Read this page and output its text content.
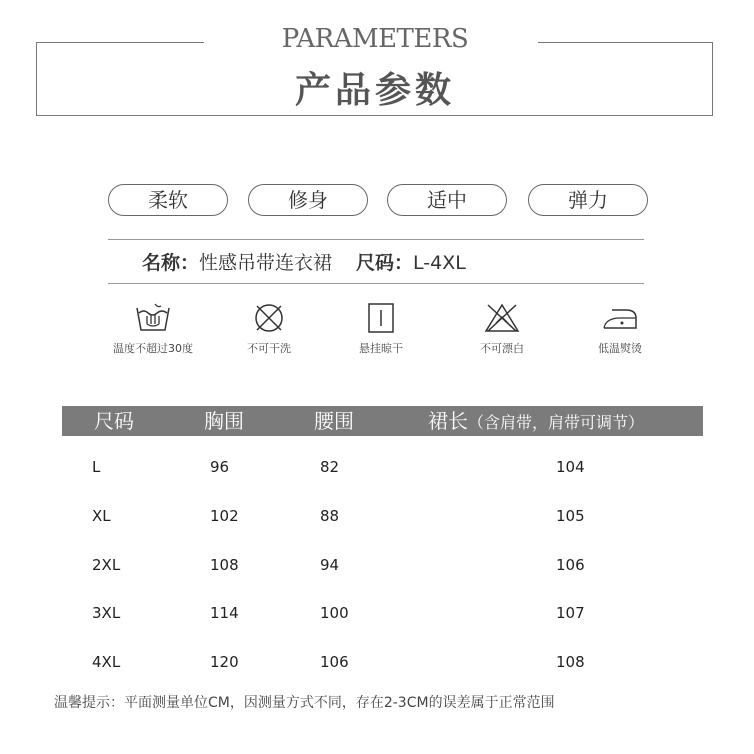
PARAMETERS
产品参数
柔软	修身	适中	弹力
名称：性感吊带连衣裙 尺码：L-4XL
温度不超过30度	不可干洗	悬挂晾干	不可漂白	低温熨烫
尺码	胸围	腰围	裙长（含肩带，肩带可调节）
L	96	82	104
XL	102	88	105
2XL	108	94	106
3XL	114	100	107
4XL	120	106	108
温馨提示：平面测量单位CM，因测量方式不同，存在2-3CM的误差属于正常范围
